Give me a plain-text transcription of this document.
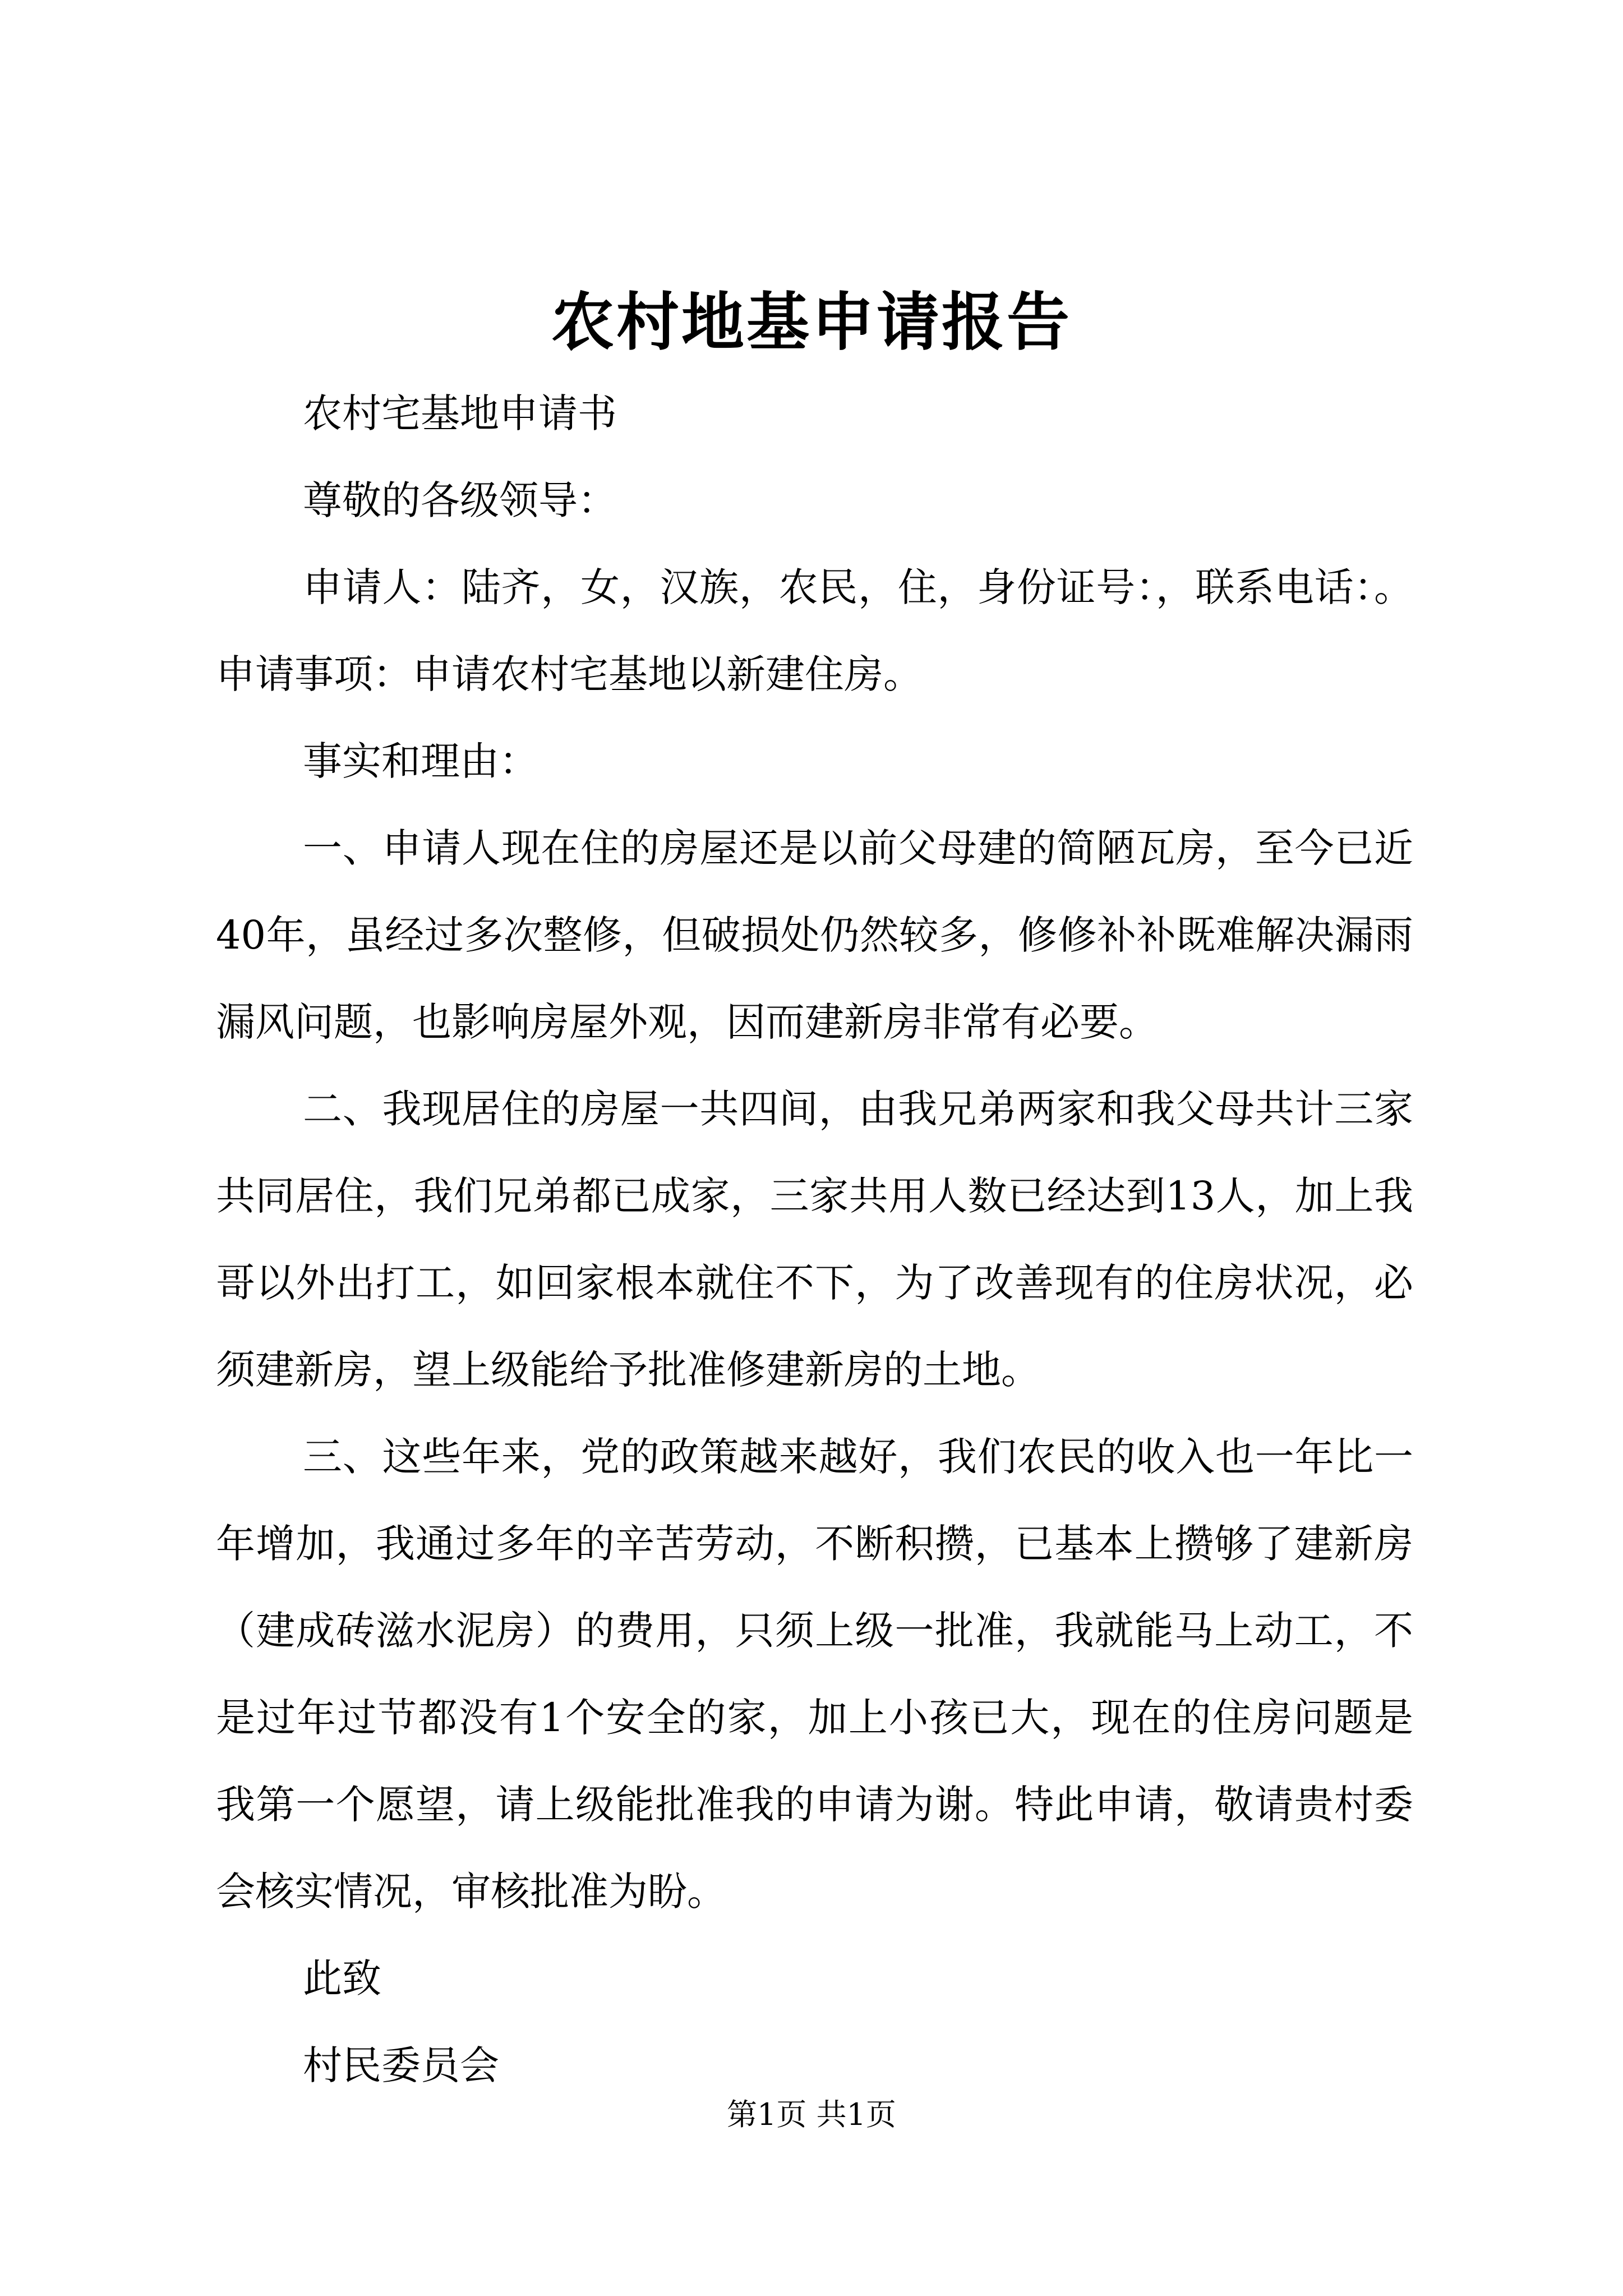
农村地基申请报告

农村宅基地申请书

尊敬的各级领导：

申请人：陆齐，女，汉族，农民，住，身份证号：，联系电话：。申请事项：申请农村宅基地以新建住房。

事实和理由：

一、申请人现在住的房屋还是以前父母建的简陋瓦房，至今已近40年，虽经过多次整修，但破损处仍然较多，修修补补既难解决漏雨漏风问题，也影响房屋外观，因而建新房非常有必要。

二、我现居住的房屋一共四间，由我兄弟两家和我父母共计三家共同居住，我们兄弟都已成家，三家共用人数已经达到13人，加上我哥以外出打工，如回家根本就住不下，为了改善现有的住房状况，必须建新房，望上级能给予批准修建新房的土地。

三、这些年来，党的政策越来越好，我们农民的收入也一年比一年增加，我通过多年的辛苦劳动，不断积攒，已基本上攒够了建新房（建成砖滋水泥房）的费用，只须上级一批准，我就能马上动工，不是过年过节都没有1个安全的家，加上小孩已大，现在的住房问题是我第一个愿望，请上级能批准我的申请为谢。特此申请，敬请贵村委会核实情况，审核批准为盼。

此致

村民委员会

第1页 共1页
